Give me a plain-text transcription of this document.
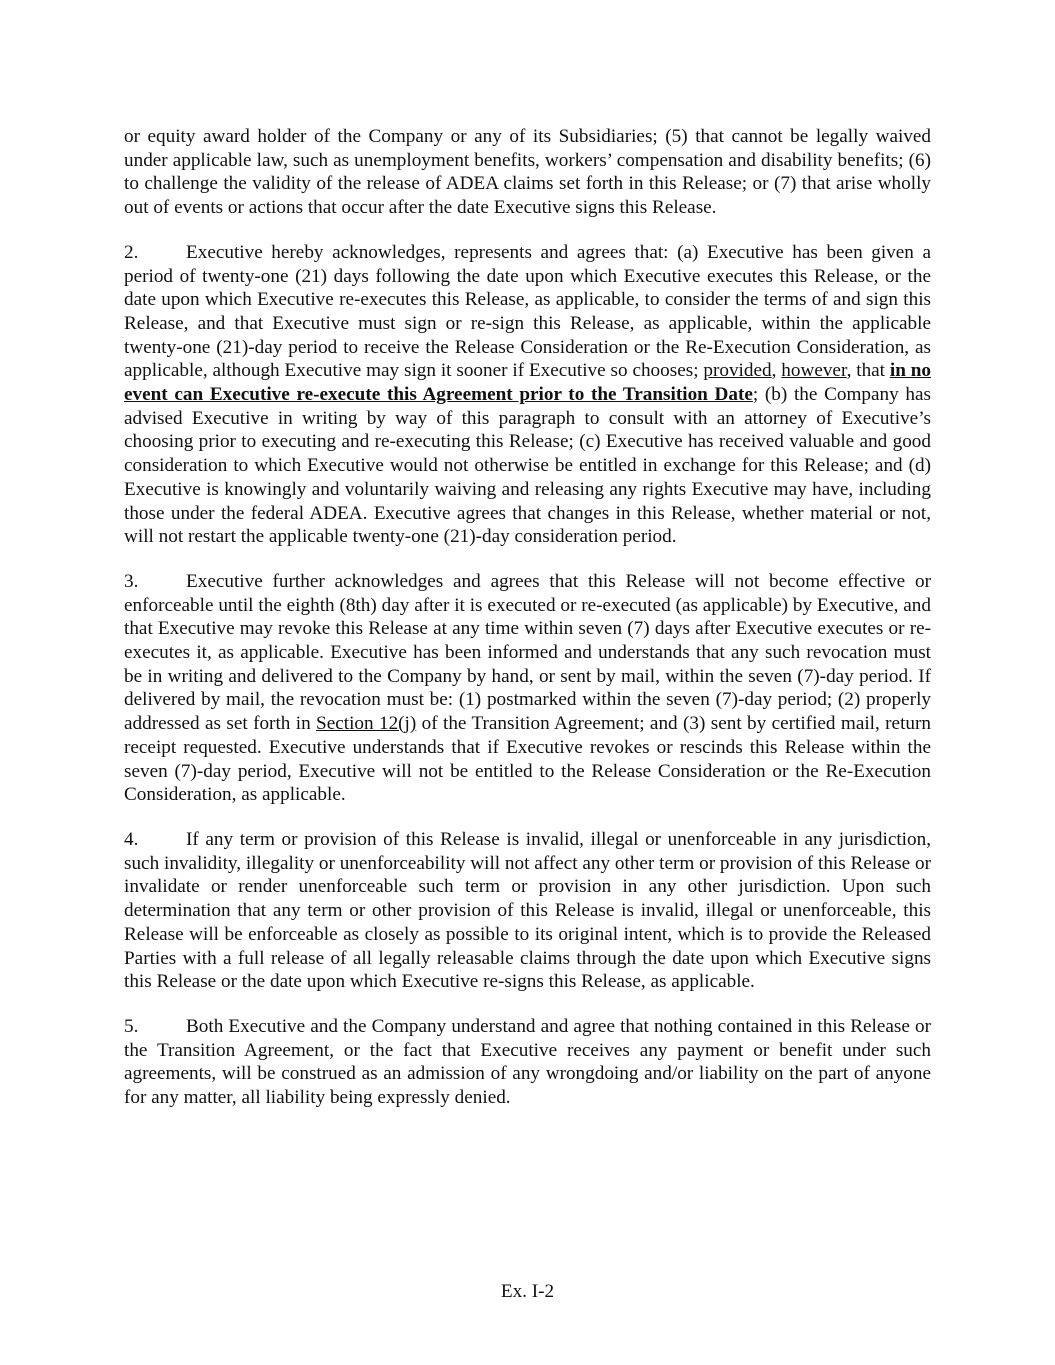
or equity award holder of the Company or any of its Subsidiaries; (5) that cannot be legally waived under applicable law, such as unemployment benefits, workers’ compensation and disability benefits; (6) to challenge the validity of the release of ADEA claims set forth in this Release; or (7) that arise wholly out of events or actions that occur after the date Executive signs this Release.

2. Executive hereby acknowledges, represents and agrees that: (a) Executive has been given a period of twenty-one (21) days following the date upon which Executive executes this Release, or the date upon which Executive re-executes this Release, as applicable, to consider the terms of and sign this Release, and that Executive must sign or re-sign this Release, as applicable, within the applicable twenty-one (21)-day period to receive the Release Consideration or the Re-Execution Consideration, as applicable, although Executive may sign it sooner if Executive so chooses; provided, however, that in no event can Executive re-execute this Agreement prior to the Transition Date; (b) the Company has advised Executive in writing by way of this paragraph to consult with an attorney of Executive’s choosing prior to executing and re-executing this Release; (c) Executive has received valuable and good consideration to which Executive would not otherwise be entitled in exchange for this Release; and (d) Executive is knowingly and voluntarily waiving and releasing any rights Executive may have, including those under the federal ADEA. Executive agrees that changes in this Release, whether material or not, will not restart the applicable twenty-one (21)-day consideration period.

3. Executive further acknowledges and agrees that this Release will not become effective or enforceable until the eighth (8th) day after it is executed or re-executed (as applicable) by Executive, and that Executive may revoke this Release at any time within seven (7) days after Executive executes or re-executes it, as applicable. Executive has been informed and understands that any such revocation must be in writing and delivered to the Company by hand, or sent by mail, within the seven (7)-day period. If delivered by mail, the revocation must be: (1) postmarked within the seven (7)-day period; (2) properly addressed as set forth in Section 12(j) of the Transition Agreement; and (3) sent by certified mail, return receipt requested. Executive understands that if Executive revokes or rescinds this Release within the seven (7)-day period, Executive will not be entitled to the Release Consideration or the Re-Execution Consideration, as applicable.

4. If any term or provision of this Release is invalid, illegal or unenforceable in any jurisdiction, such invalidity, illegality or unenforceability will not affect any other term or provision of this Release or invalidate or render unenforceable such term or provision in any other jurisdiction. Upon such determination that any term or other provision of this Release is invalid, illegal or unenforceable, this Release will be enforceable as closely as possible to its original intent, which is to provide the Released Parties with a full release of all legally releasable claims through the date upon which Executive signs this Release or the date upon which Executive re-signs this Release, as applicable.

5. Both Executive and the Company understand and agree that nothing contained in this Release or the Transition Agreement, or the fact that Executive receives any payment or benefit under such agreements, will be construed as an admission of any wrongdoing and/or liability on the part of anyone for any matter, all liability being expressly denied.

Ex. I-2
